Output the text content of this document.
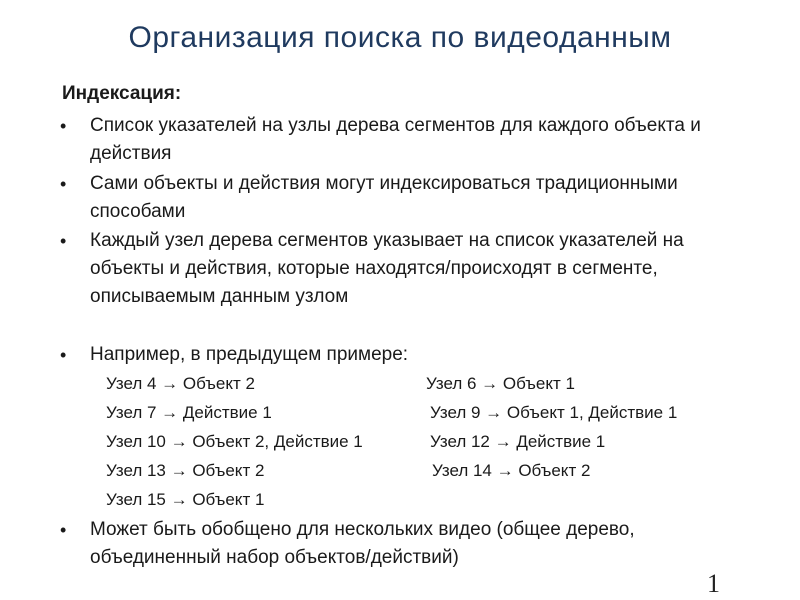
Организация поиска по видеоданным
Индексация:
• Список указателей на узлы дерева сегментов для каждого объекта и действия
• Сами объекты и действия могут индексироваться традиционными способами
• Каждый узел дерева сегментов указывает на список указателей на объекты и действия, которые находятся/происходят в сегменте, описываемым данным узлом
• Например, в предыдущем примере:
• Может быть обобщено для нескольких видео (общее дерево, объединенный набор объектов/действий)
Узел 4 → Объект 2	Узел 6 → Объект 1
Узел 7 → Действие 1	Узел 9 → Объект 1, Действие 1
Узел 10 → Объект 2, Действие 1	Узел 12 → Действие 1
Узел 13 → Объект 2	Узел 14 → Объект 2
Узел 15 → Объект 1
1
